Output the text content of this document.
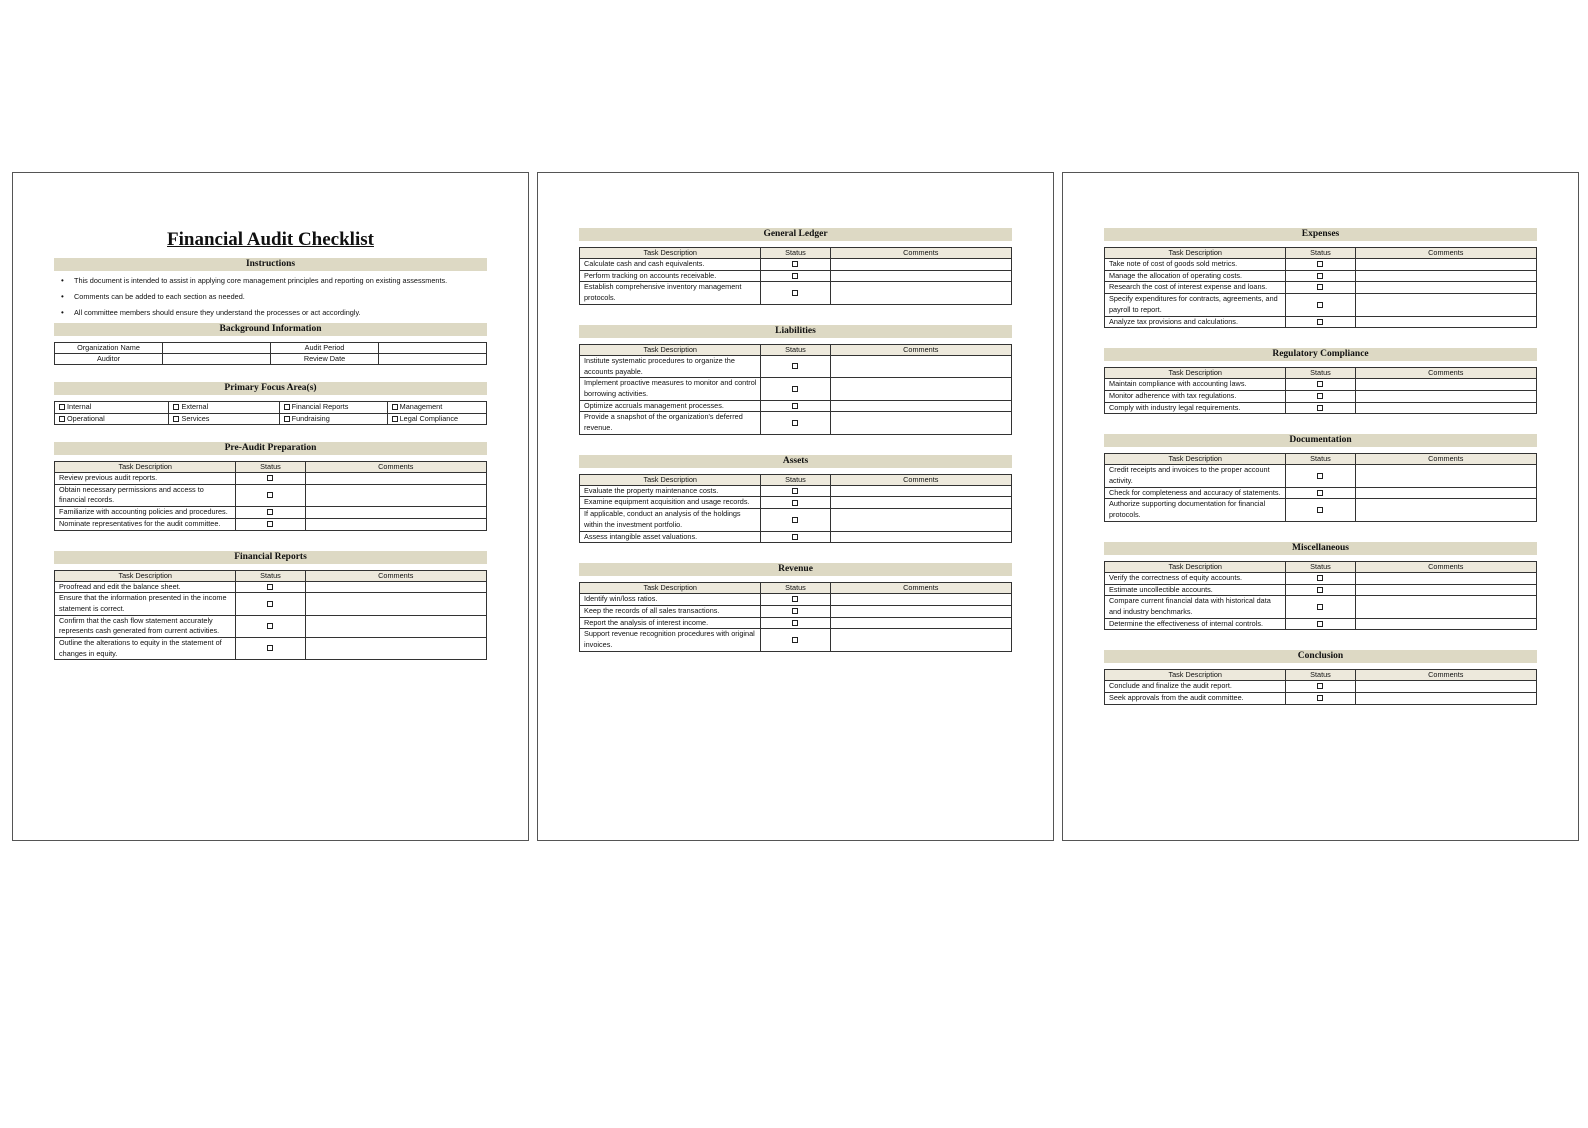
Financial Audit Checklist
Instructions
• This document is intended to assist in applying core management principles and reporting on existing assessments.
• Comments can be added to each section as needed.
• All committee members should ensure they understand the processes or act accordingly.
Background Information
Organization Name		Audit Period	
Auditor		Review Date	
Primary Focus Area(s)
Internal	External	Financial Reports	Management
Operational	Services	Fundraising	Legal Compliance
Pre-Audit Preparation
Task Description	Status	Comments
Review previous audit reports.		
Obtain necessary permissions and access to financial records.		
Familiarize with accounting policies and procedures.		
Nominate representatives for the audit committee.		
Financial Reports
Task Description	Status	Comments
Proofread and edit the balance sheet.		
Ensure that the information presented in the income statement is correct.		
Confirm that the cash flow statement accurately represents cash generated from current activities.		
Outline the alterations to equity in the statement of changes in equity.		
General Ledger
Task Description	Status	Comments
Calculate cash and cash equivalents.		
Perform tracking on accounts receivable.		
Establish comprehensive inventory management protocols.		
Liabilities
Task Description	Status	Comments
Institute systematic procedures to organize the accounts payable.		
Implement proactive measures to monitor and control borrowing activities.		
Optimize accruals management processes.		
Provide a snapshot of the organization's deferred revenue.		
Assets
Task Description	Status	Comments
Evaluate the property maintenance costs.		
Examine equipment acquisition and usage records.		
If applicable, conduct an analysis of the holdings within the investment portfolio.		
Assess intangible asset valuations.		
Revenue
Task Description	Status	Comments
Identify win/loss ratios.		
Keep the records of all sales transactions.		
Report the analysis of interest income.		
Support revenue recognition procedures with original invoices.		
Expenses
Task Description	Status	Comments
Take note of cost of goods sold metrics.		
Manage the allocation of operating costs.		
Research the cost of interest expense and loans.		
Specify expenditures for contracts, agreements, and payroll to report.		
Analyze tax provisions and calculations.		
Regulatory Compliance
Task Description	Status	Comments
Maintain compliance with accounting laws.		
Monitor adherence with tax regulations.		
Comply with industry legal requirements.		
Documentation
Task Description	Status	Comments
Credit receipts and invoices to the proper account activity.		
Check for completeness and accuracy of statements.		
Authorize supporting documentation for financial protocols.		
Miscellaneous
Task Description	Status	Comments
Verify the correctness of equity accounts.		
Estimate uncollectible accounts.		
Compare current financial data with historical data and industry benchmarks.		
Determine the effectiveness of internal controls.		
Conclusion
Task Description	Status	Comments
Conclude and finalize the audit report.		
Seek approvals from the audit committee.		
